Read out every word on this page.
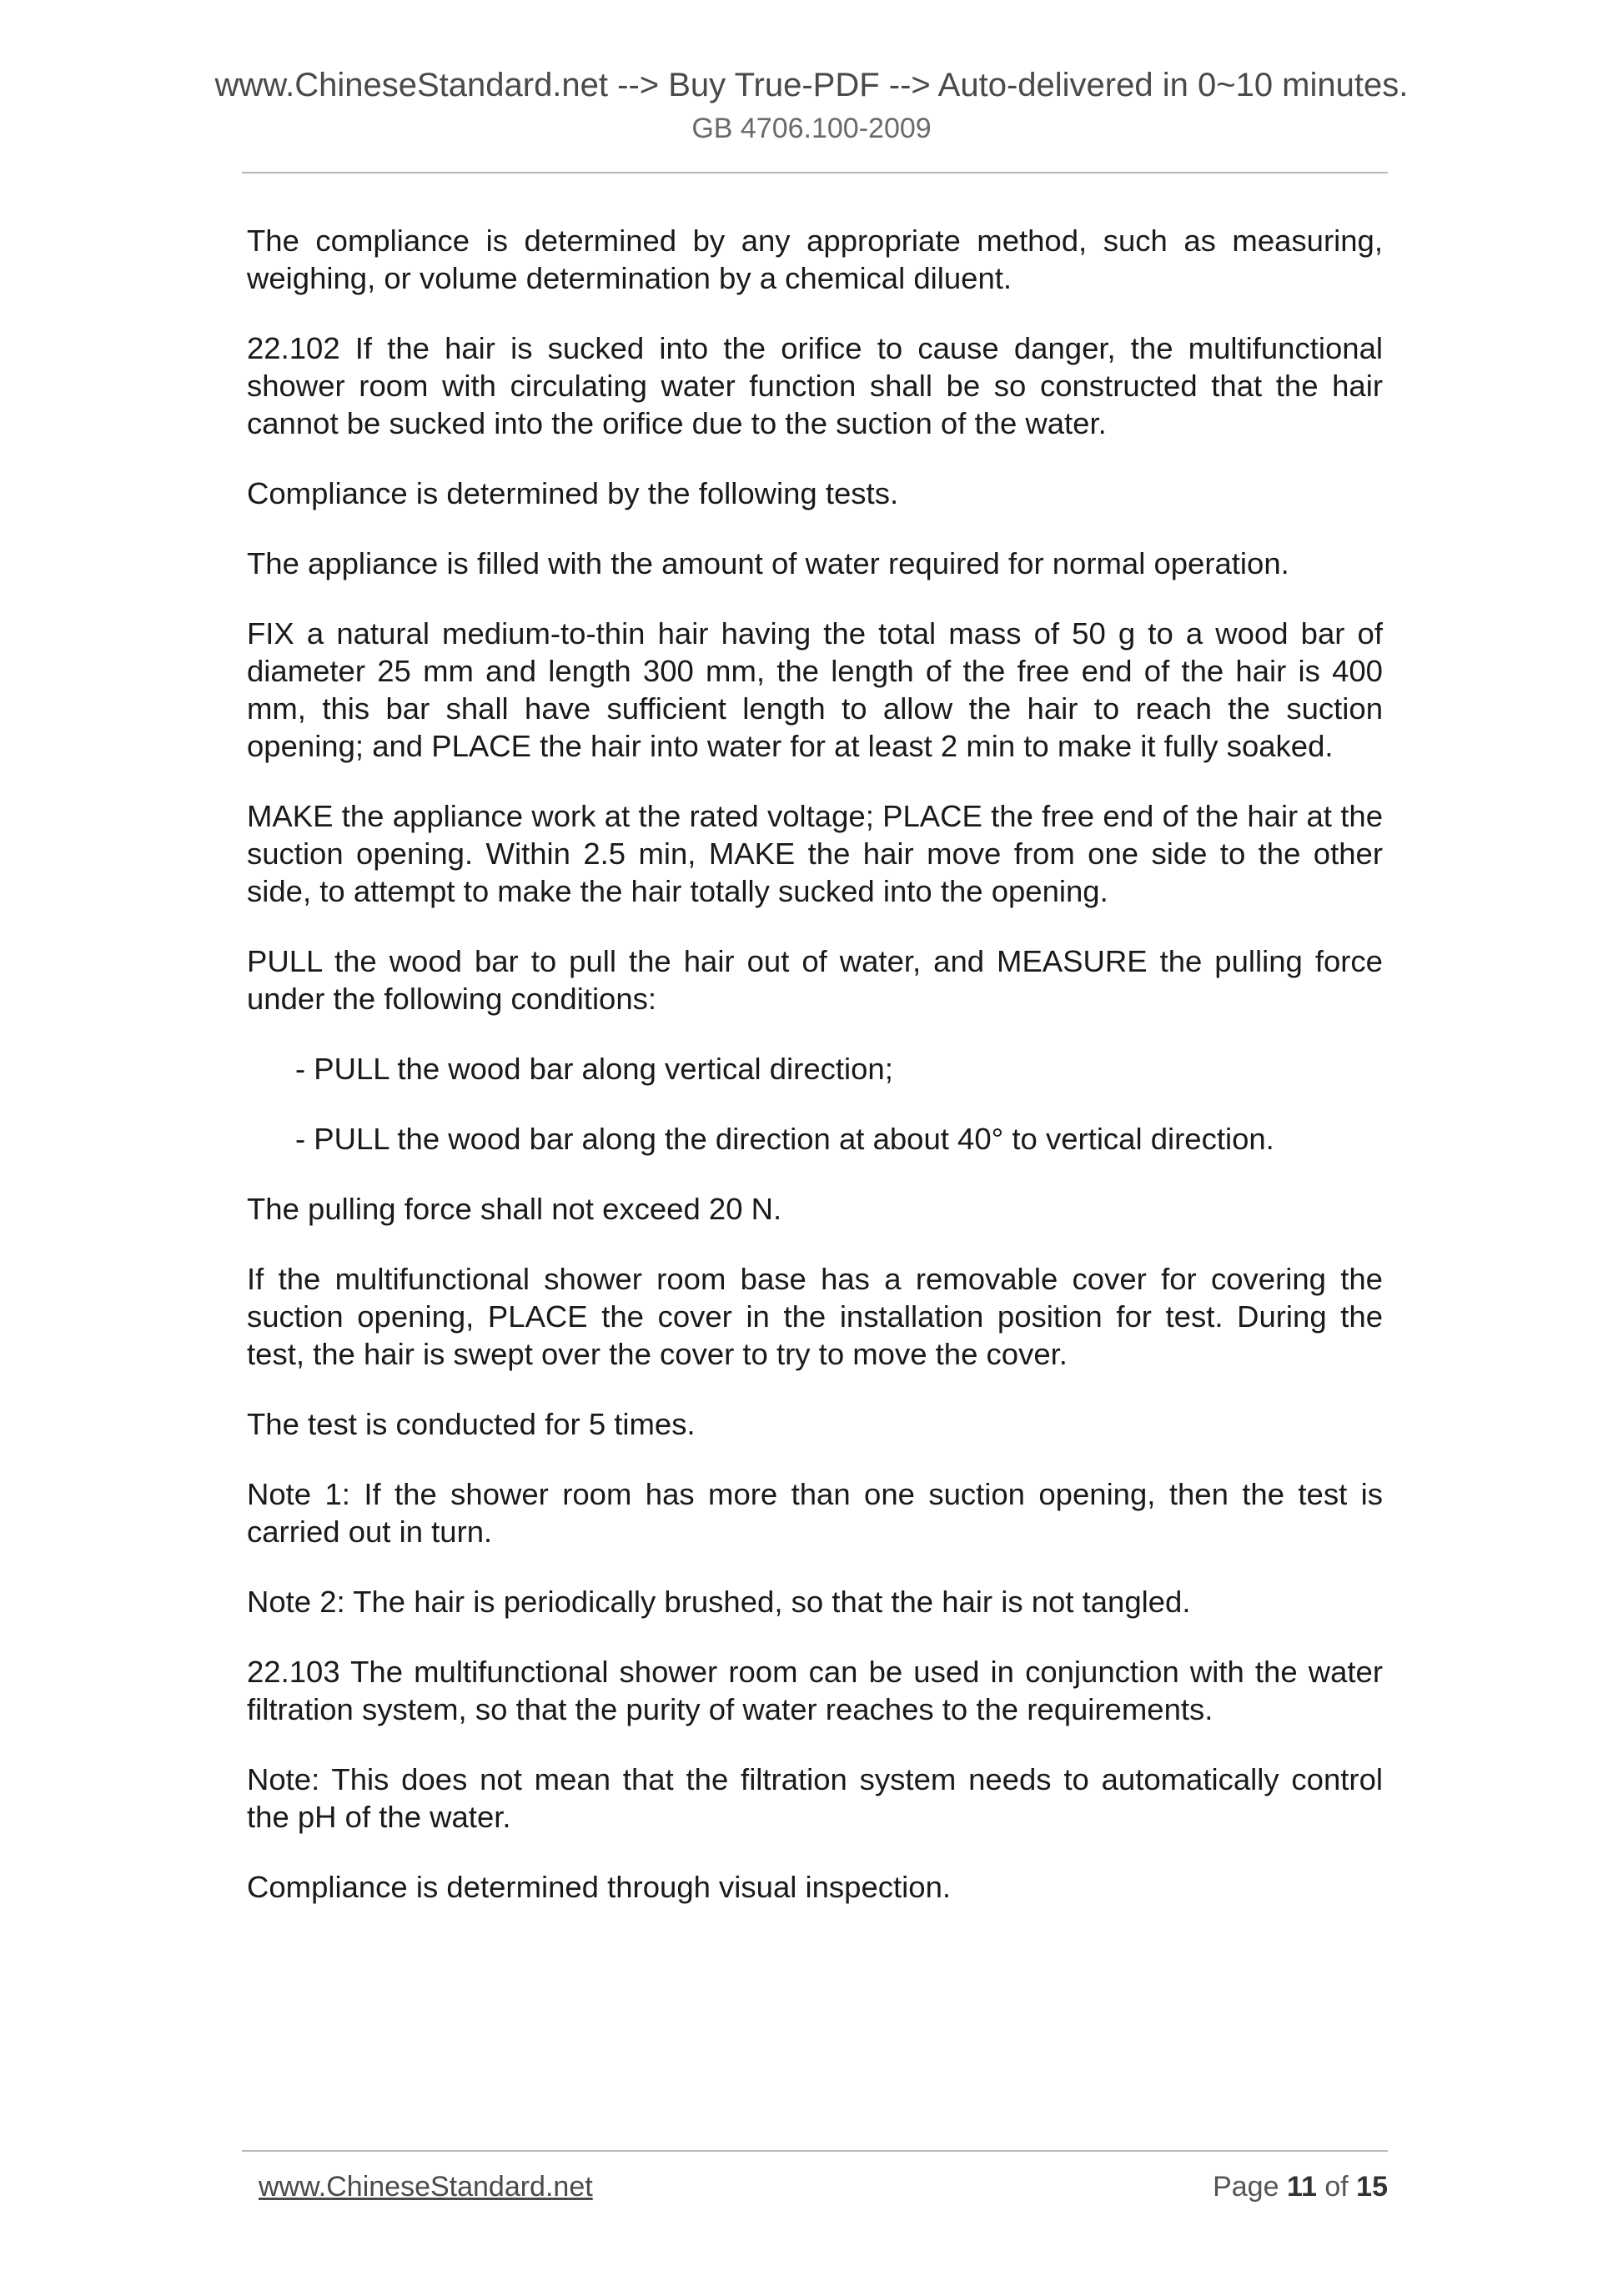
www.ChineseStandard.net --> Buy True-PDF --> Auto-delivered in 0~10 minutes.
GB 4706.100-2009

The compliance is determined by any appropriate method, such as measuring, weighing, or volume determination by a chemical diluent.

22.102 If the hair is sucked into the orifice to cause danger, the multifunctional shower room with circulating water function shall be so constructed that the hair cannot be sucked into the orifice due to the suction of the water.

Compliance is determined by the following tests.

The appliance is filled with the amount of water required for normal operation.

FIX a natural medium-to-thin hair having the total mass of 50 g to a wood bar of diameter 25 mm and length 300 mm, the length of the free end of the hair is 400 mm, this bar shall have sufficient length to allow the hair to reach the suction opening; and PLACE the hair into water for at least 2 min to make it fully soaked.

MAKE the appliance work at the rated voltage; PLACE the free end of the hair at the suction opening. Within 2.5 min, MAKE the hair move from one side to the other side, to attempt to make the hair totally sucked into the opening.

PULL the wood bar to pull the hair out of water, and MEASURE the pulling force under the following conditions:

- PULL the wood bar along vertical direction;

- PULL the wood bar along the direction at about 40° to vertical direction.

The pulling force shall not exceed 20 N.

If the multifunctional shower room base has a removable cover for covering the suction opening, PLACE the cover in the installation position for test. During the test, the hair is swept over the cover to try to move the cover.

The test is conducted for 5 times.

Note 1: If the shower room has more than one suction opening, then the test is carried out in turn.

Note 2: The hair is periodically brushed, so that the hair is not tangled.

22.103 The multifunctional shower room can be used in conjunction with the water filtration system, so that the purity of water reaches to the requirements.

Note: This does not mean that the filtration system needs to automatically control the pH of the water.

Compliance is determined through visual inspection.

www.ChineseStandard.net	Page 11 of 15
